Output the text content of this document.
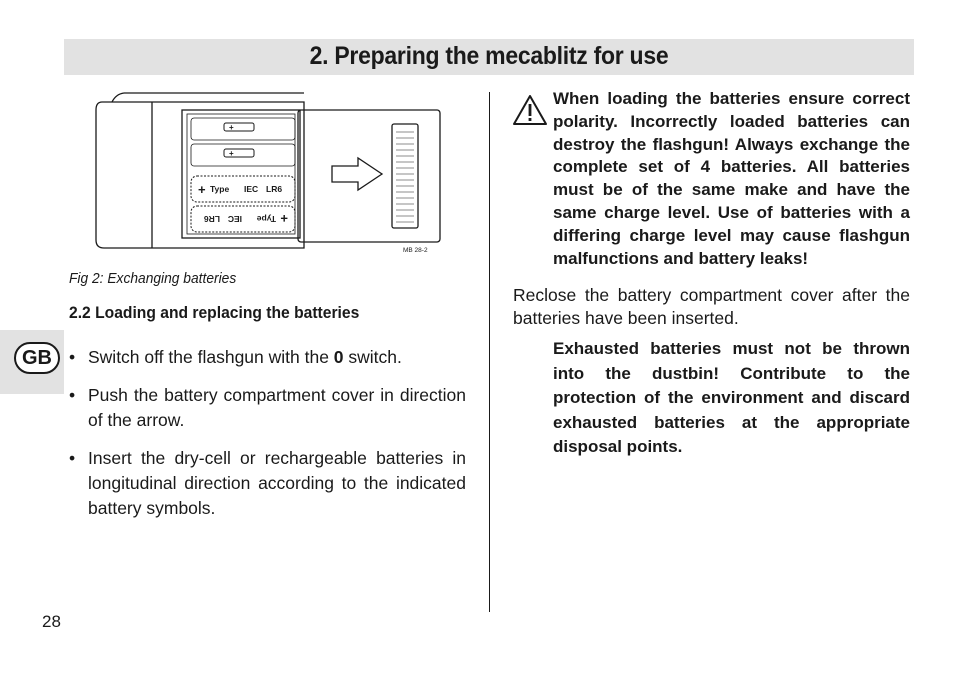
2. Preparing the mecablitz for use
GB
+
+
+ Type IEC LR6
+
Type
IEC
LR6
MB 28-2

Fig 2: Exchanging batteries

2.2 Loading and replacing the batteries
• Switch off the flashgun with the 0 switch.
• Push the battery compartment cover in direction of the arrow.
• Insert the dry-cell or rechargeable batteries in longitudinal direction according to the indicated battery symbols.

When loading the batteries ensure correct polarity. Incorrectly loaded batteries can destroy the flashgun! Always exchange the complete set of 4 batteries. All batteries must be of the same make and have the same charge level. Use of batteries with a differing charge level may cause flashgun malfunctions and battery leaks!

Reclose the battery compartment cover after the batteries have been inserted.

Exhausted batteries must not be thrown into the dustbin! Contribute to the protection of the environment and discard exhausted batteries at the appropriate disposal points.

28
